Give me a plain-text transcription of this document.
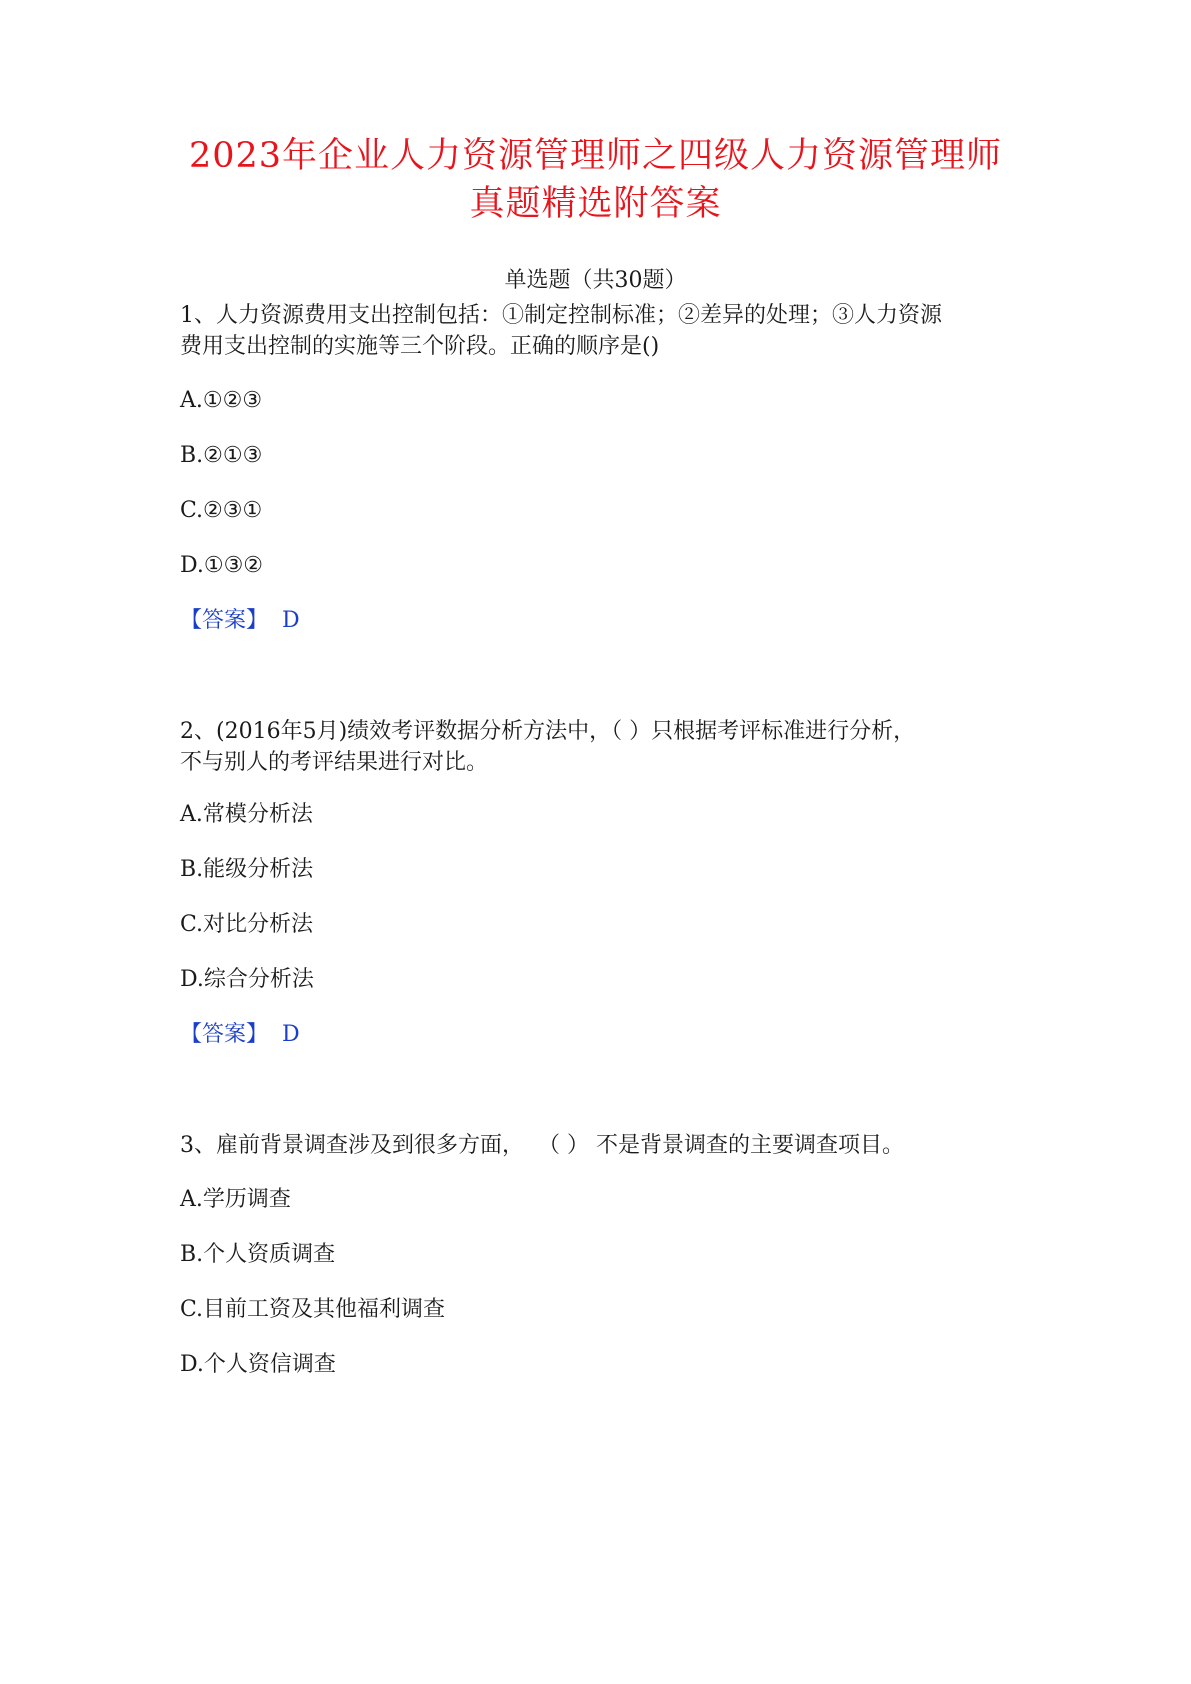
2023年企业人力资源管理师之四级人力资源管理师
真题精选附答案
单选题（共30题）
1、人力资源费用支出控制包括：①制定控制标准；②差异的处理；③人力资源
费用支出控制的实施等三个阶段。正确的顺序是()
A.①②③
B.②①③
C.②③①
D.①③②
【答案】 D
2、(2016年5月)绩效考评数据分析方法中，（ ）只根据考评标准进行分析，
不与别人的考评结果进行对比。
A.常模分析法
B.能级分析法
C.对比分析法
D.综合分析法
【答案】 D
3、雇前背景调查涉及到很多方面，  （ ） 不是背景调查的主要调查项目。
A.学历调查
B.个人资质调查
C.目前工资及其他福利调查
D.个人资信调查
